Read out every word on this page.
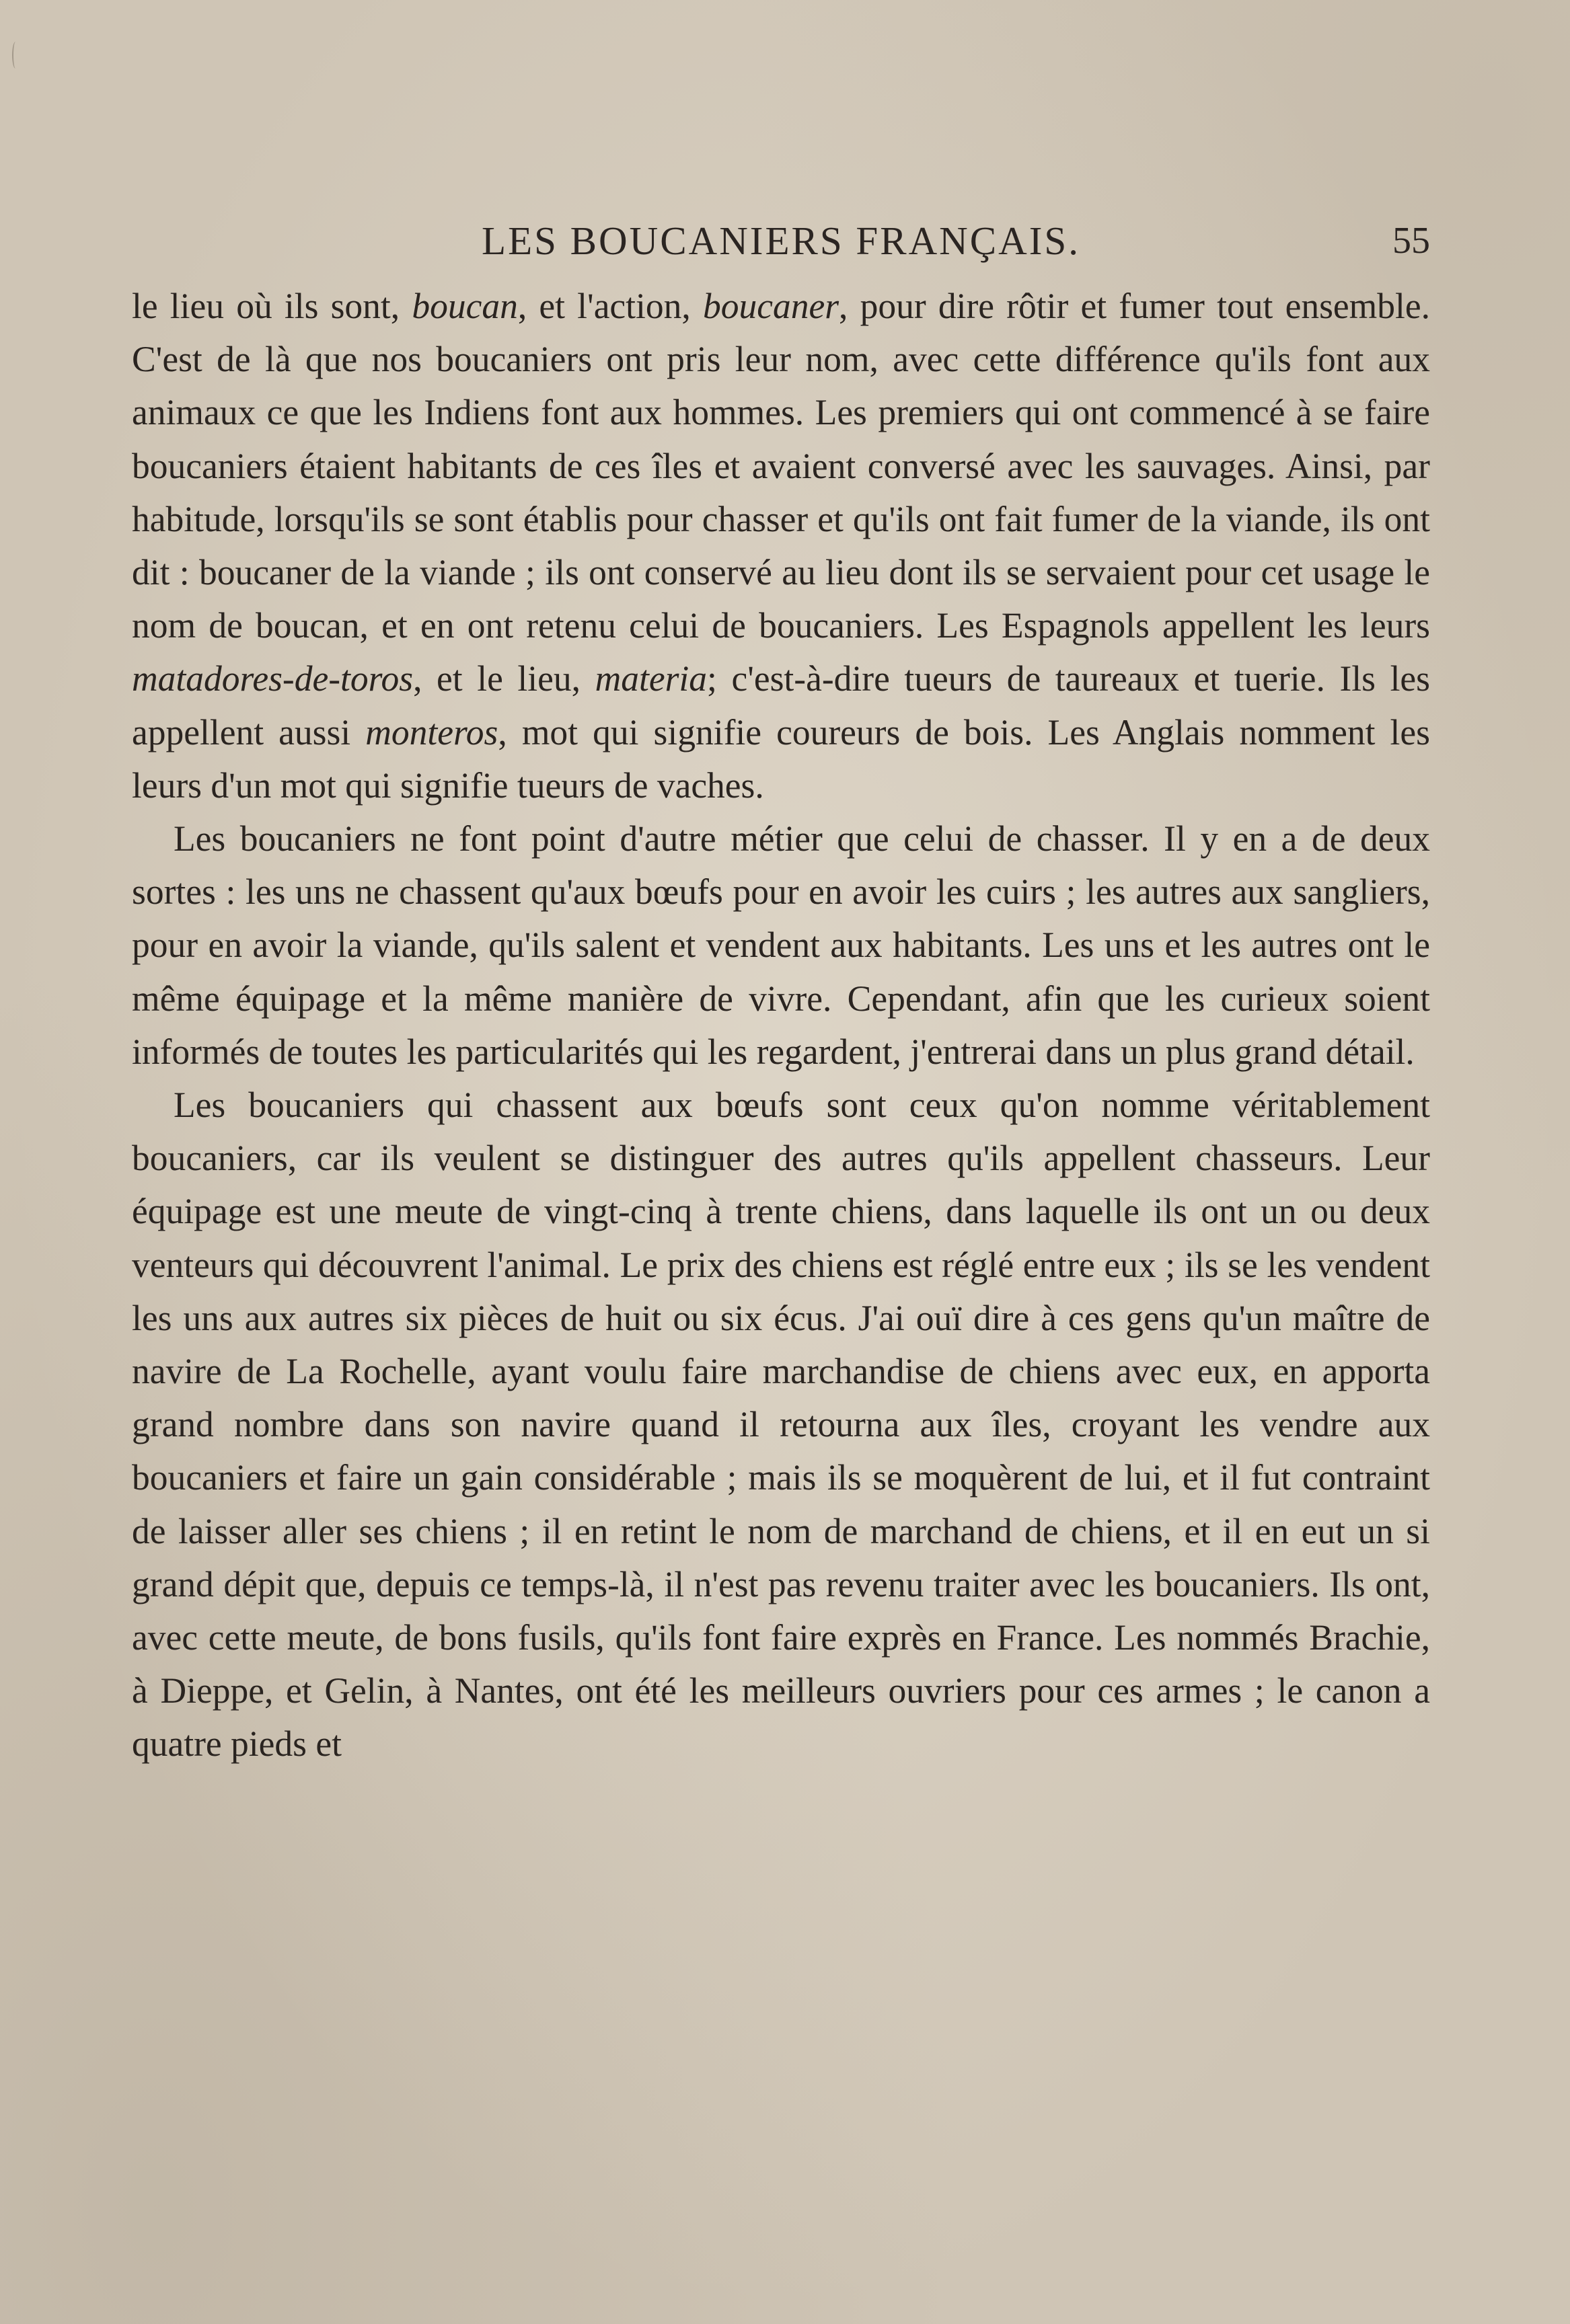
LES BOUCANIERS FRANÇAIS.	55

le lieu où ils sont, boucan, et l'action, boucaner, pour dire rôtir et fumer tout ensemble. C'est de là que nos boucaniers ont pris leur nom, avec cette différence qu'ils font aux animaux ce que les Indiens font aux hommes. Les premiers qui ont commencé à se faire boucaniers étaient habitants de ces îles et avaient conversé avec les sauvages. Ainsi, par habitude, lorsqu'ils se sont établis pour chasser et qu'ils ont fait fumer de la viande, ils ont dit : boucaner de la viande ; ils ont conservé au lieu dont ils se servaient pour cet usage le nom de boucan, et en ont retenu celui de boucaniers. Les Espagnols appellent les leurs matadores-de-toros, et le lieu, materia; c'est-à-dire tueurs de taureaux et tuerie. Ils les appellent aussi monteros, mot qui signifie coureurs de bois. Les Anglais nomment les leurs d'un mot qui signifie tueurs de vaches.

Les boucaniers ne font point d'autre métier que celui de chasser. Il y en a de deux sortes : les uns ne chassent qu'aux bœufs pour en avoir les cuirs ; les autres aux sangliers, pour en avoir la viande, qu'ils salent et vendent aux habitants. Les uns et les autres ont le même équipage et la même manière de vivre. Cependant, afin que les curieux soient informés de toutes les particularités qui les regardent, j'entrerai dans un plus grand détail.

Les boucaniers qui chassent aux bœufs sont ceux qu'on nomme véritablement boucaniers, car ils veulent se distinguer des autres qu'ils appellent chasseurs. Leur équipage est une meute de vingt-cinq à trente chiens, dans laquelle ils ont un ou deux venteurs qui découvrent l'animal. Le prix des chiens est réglé entre eux ; ils se les vendent les uns aux autres six pièces de huit ou six écus. J'ai ouï dire à ces gens qu'un maître de navire de La Rochelle, ayant voulu faire marchandise de chiens avec eux, en apporta grand nombre dans son navire quand il retourna aux îles, croyant les vendre aux boucaniers et faire un gain considérable ; mais ils se moquèrent de lui, et il fut contraint de laisser aller ses chiens ; il en retint le nom de marchand de chiens, et il en eut un si grand dépit que, depuis ce temps-là, il n'est pas revenu traiter avec les boucaniers. Ils ont, avec cette meute, de bons fusils, qu'ils font faire exprès en France. Les nommés Brachie, à Dieppe, et Gelin, à Nantes, ont été les meilleurs ouvriers pour ces armes ; le canon a quatre pieds et
